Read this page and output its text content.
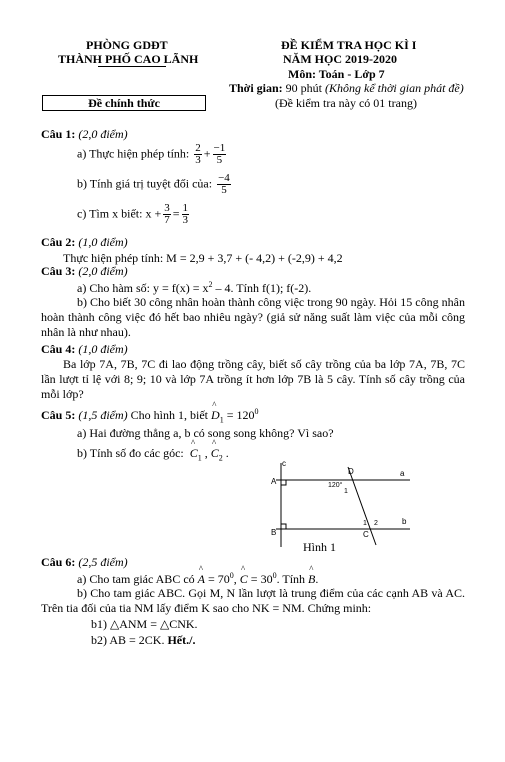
PHÒNG GDĐT
THÀNH PHỐ CAO LÃNH
ĐỀ KIỂM TRA HỌC KÌ I
NĂM HỌC 2019-2020
Môn: Toán - Lớp 7
Thời gian: 90 phút (Không kể thời gian phát đề)
(Đề kiểm tra này có 01 trang)
Đề chính thức
Câu 1: (2,0 điểm)
a) Thực hiện phép tính: $\frac{2}{3} + \frac{-1}{5}$
b) Tính giá trị tuyệt đối của: $\frac{-4}{5}$
c) Tìm x biết: $x + \frac{3}{7} = \frac{1}{3}$
Câu 2: (1,0 điểm)
Thực hiện phép tính: M = 2,9 + 3,7 + (- 4,2) + (-2,9) + 4,2
Câu 3: (2,0 điểm)
a) Cho hàm số: $y = f(x) = x^2 - 4$. Tính f(1); f(-2).
b) Cho biết 30 công nhân hoàn thành công việc trong 90 ngày. Hỏi 15 công nhân hoàn thành công việc đó hết bao nhiêu ngày? (giả sử năng suất làm việc của mỗi công nhân là như nhau).
Câu 4: (1,0 điểm)
Ba lớp 7A, 7B, 7C đi lao động trồng cây, biết số cây trồng của ba lớp 7A, 7B, 7C lần lượt tỉ lệ với 8; 9; 10 và lớp 7A trồng ít hơn lớp 7B là 5 cây. Tính số cây trồng của mỗi lớp?
Câu 5: (1,5 điểm) Cho hình 1, biết ^ $D_1 = 120^0$
a) Hai đường thẳng a, b có song song không? Vì sao?
b) Tính số đo các góc:  ^ $C_1$ , ^ $C_2$ .
c
D	a
A	120°
1
1 2	b
B	C
Hình 1
Câu 6: (2,5 điểm)
a) Cho tam giác ABC có ^ $A = 70^0$, ^ $C = 30^0$. Tính ^ B.
b) Cho tam giác ABC. Gọi M, N lần lượt là trung điểm của các cạnh AB và AC. Trên tia đối của tia NM lấy điểm K sao cho NK = NM. Chứng minh:
b1) △ANM = △CNK.
b2) AB = 2CK. Hết./.
